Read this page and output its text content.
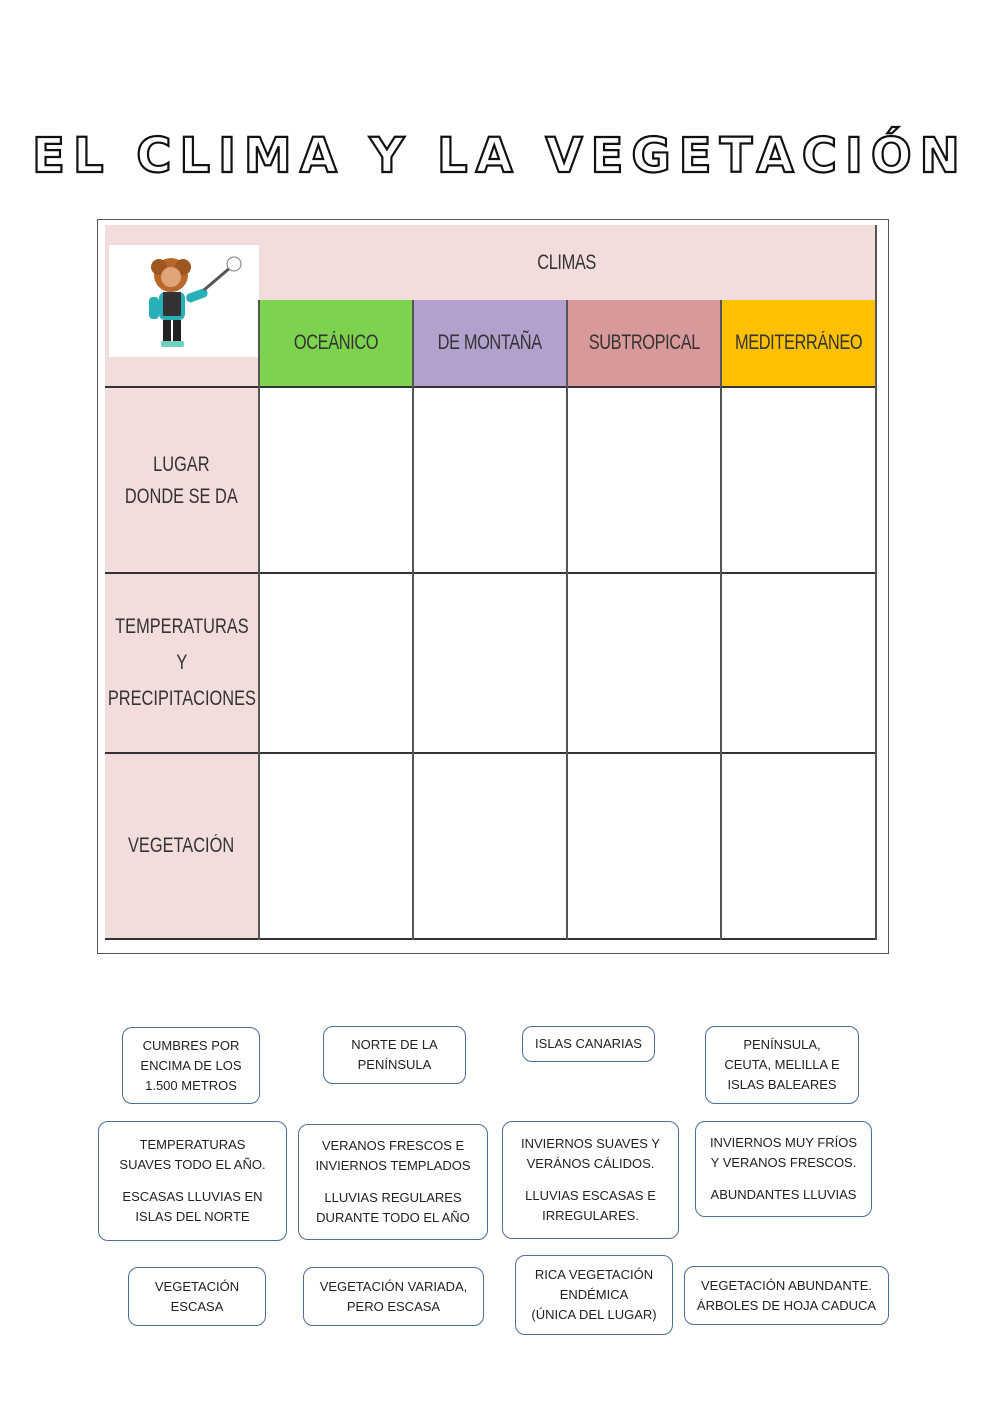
EL CLIMA Y LA VEGETACIÓN
CLIMAS
OCEÁNICO	DE MONTAÑA SUBTROPICAL MEDITERRÁNEO
LUGAR
DONDE SE DA
TEMPERATURAS Y
PRECIPITACIONES
VEGETACIÓN
CUMBRES POR
ENCIMA DE LOS
1.500 METROS
NORTE DE LA
PENÍNSULA
ISLAS CANARIAS	PENÍNSULA,
CEUTA, MELILLA E
ISLAS BALEARES
TEMPERATURAS
SUAVES TODO EL AÑO.
ESCASAS LLUVIAS EN
ISLAS DEL NORTE
VERANOS FRESCOS E
INVIERNOS TEMPLADOS
LLUVIAS REGULARES
DURANTE TODO EL AÑO
INVIERNOS SUAVES Y
VERÁNOS CÁLIDOS.
LLUVIAS ESCASAS E
IRREGULARES.
INVIERNOS MUY FRÍOS
Y VERANOS FRESCOS.
ABUNDANTES LLUVIAS
VEGETACIÓN
ESCASA
VEGETACIÓN VARIADA,
PERO ESCASA
RICA VEGETACIÓN
ENDÉMICA
(ÚNICA DEL LUGAR)
VEGETACIÓN ABUNDANTE.
ÁRBOLES DE HOJA CADUCA
